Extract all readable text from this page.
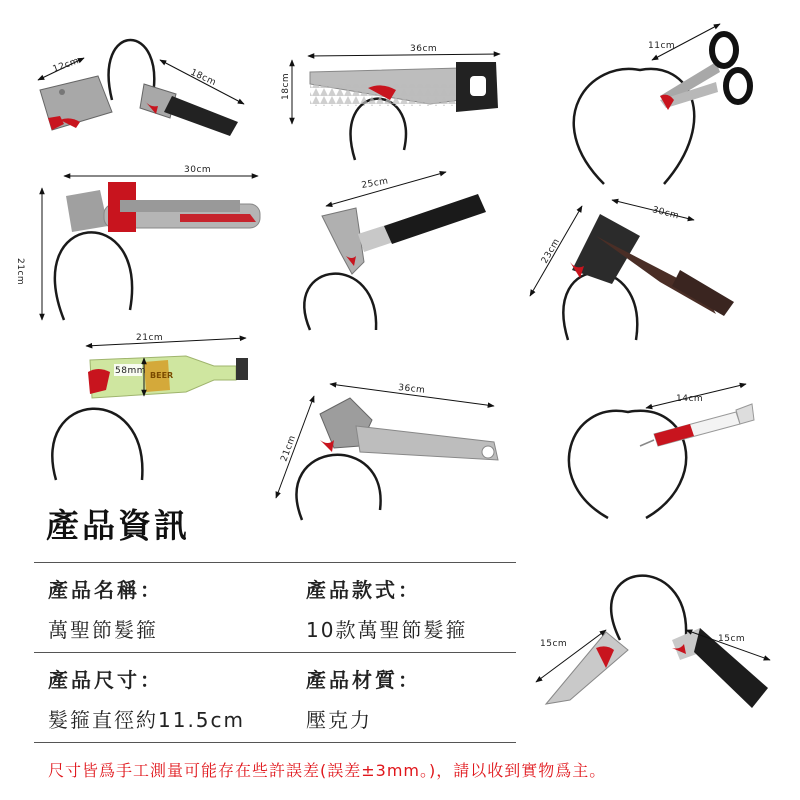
12cm
18cm
36cm
18cm
11cm
30cm
21cm
25cm
30cm
23cm
BEER
21cm
58mm
36cm
21cm
14cm
15cm	15cm
產品資訊
產品名稱：
萬聖節髮箍
產品款式：
10款萬聖節髮箍
產品尺寸：
髮箍直徑約11.5cm
產品材質：
壓克力
尺寸皆爲手工測量可能存在些許誤差(誤差±3mm。)，請以收到實物爲主。
